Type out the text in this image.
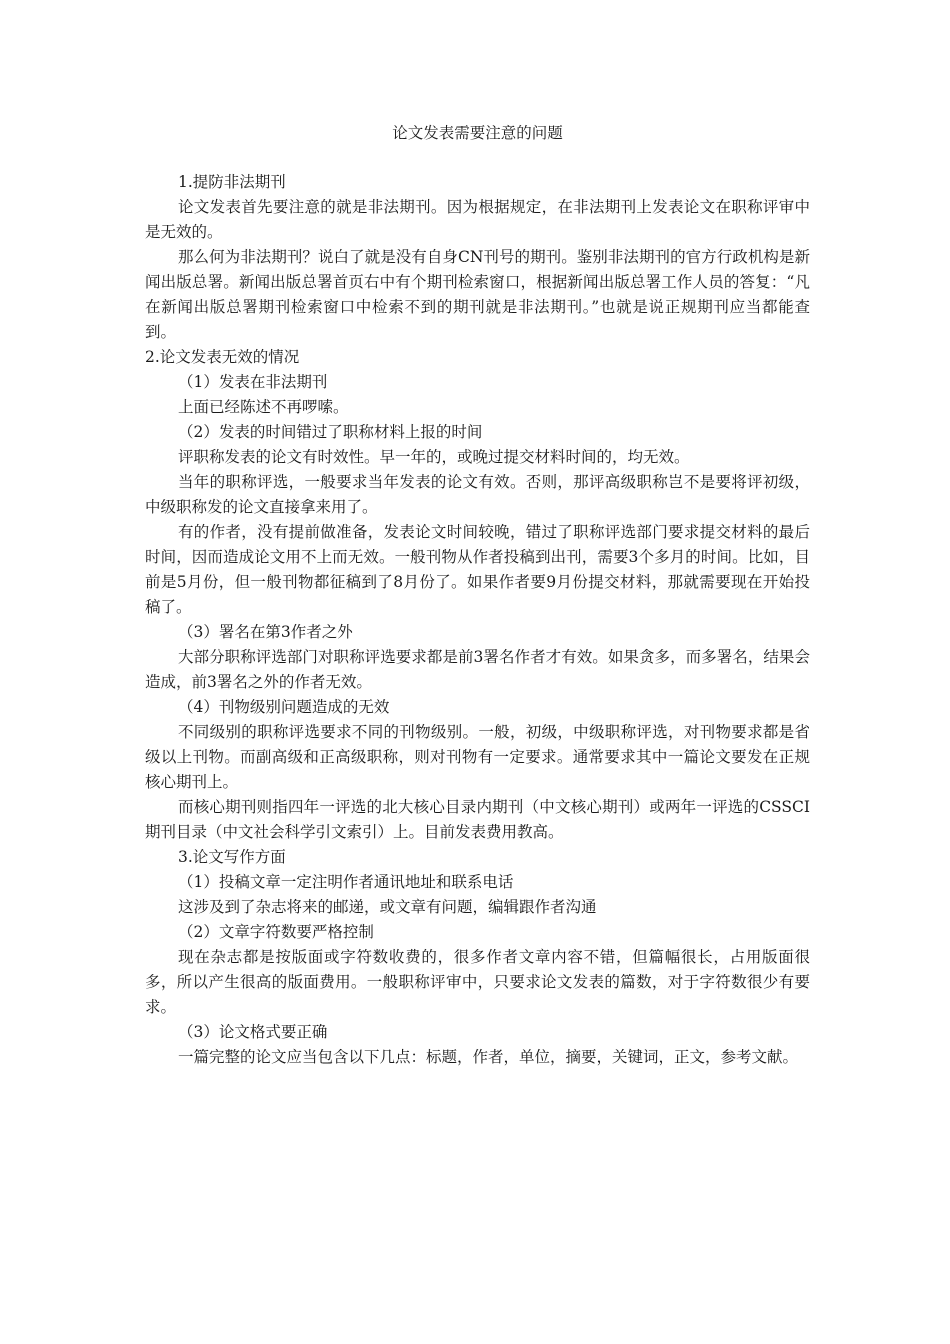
论文发表需要注意的问题

1.提防非法期刊

论文发表首先要注意的就是非法期刊。因为根据规定，在非法期刊上发表论文在职称评审中是无效的。

那么何为非法期刊？说白了就是没有自身CN刊号的期刊。鉴别非法期刊的官方行政机构是新闻出版总署。新闻出版总署首页右中有个期刊检索窗口，根据新闻出版总署工作人员的答复：“凡在新闻出版总署期刊检索窗口中检索不到的期刊就是非法期刊。”也就是说正规期刊应当都能查到。

2.论文发表无效的情况

（1）发表在非法期刊

上面已经陈述不再啰嗦。

（2）发表的时间错过了职称材料上报的时间

评职称发表的论文有时效性。早一年的，或晚过提交材料时间的，均无效。

当年的职称评选，一般要求当年发表的论文有效。否则，那评高级职称岂不是要将评初级，中级职称发的论文直接拿来用了。

有的作者，没有提前做准备，发表论文时间较晚，错过了职称评选部门要求提交材料的最后时间，因而造成论文用不上而无效。一般刊物从作者投稿到出刊，需要3个多月的时间。比如，目前是5月份，但一般刊物都征稿到了8月份了。如果作者要9月份提交材料，那就需要现在开始投稿了。

（3）署名在第3作者之外

大部分职称评选部门对职称评选要求都是前3署名作者才有效。如果贪多，而多署名，结果会造成，前3署名之外的作者无效。

（4）刊物级别问题造成的无效

不同级别的职称评选要求不同的刊物级别。一般，初级，中级职称评选，对刊物要求都是省级以上刊物。而副高级和正高级职称，则对刊物有一定要求。通常要求其中一篇论文要发在正规核心期刊上。

而核心期刊则指四年一评选的北大核心目录内期刊（中文核心期刊）或两年一评选的CSSCI期刊目录（中文社会科学引文索引）上。目前发表费用教高。

3.论文写作方面

（1）投稿文章一定注明作者通讯地址和联系电话

这涉及到了杂志将来的邮递，或文章有问题，编辑跟作者沟通

（2）文章字符数要严格控制

现在杂志都是按版面或字符数收费的，很多作者文章内容不错，但篇幅很长，占用版面很多，所以产生很高的版面费用。一般职称评审中，只要求论文发表的篇数，对于字符数很少有要求。

（3）论文格式要正确

一篇完整的论文应当包含以下几点：标题，作者，单位，摘要，关键词，正文，参考文献。
